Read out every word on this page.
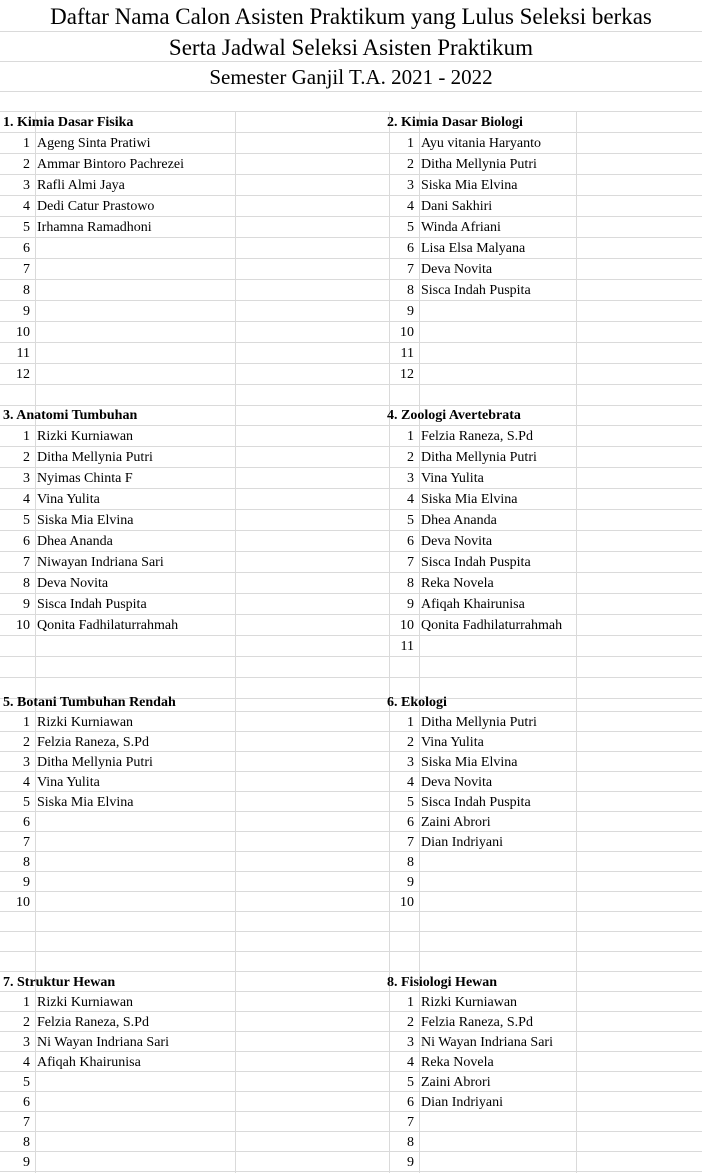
Daftar Nama Calon Asisten Praktikum yang Lulus Seleksi berkas
Serta Jadwal Seleksi Asisten Praktikum
Semester Ganjil T.A. 2021 - 2022
1. Kimia Dasar Fisika
1 Ageng Sinta Pratiwi
2 Ammar Bintoro Pachrezei
3 Rafli Almi Jaya
4 Dedi Catur Prastowo
5 Irhamna Ramadhoni
6
7
8
9
10
11
12
2. Kimia Dasar Biologi
1 Ayu vitania Haryanto
2 Ditha Mellynia Putri
3 Siska Mia Elvina
4 Dani Sakhiri
5 Winda Afriani
6 Lisa Elsa Malyana
7 Deva Novita
8 Sisca Indah Puspita
9
10
11
12
3. Anatomi Tumbuhan
1 Rizki Kurniawan
2 Ditha Mellynia Putri
3 Nyimas Chinta F
4 Vina Yulita
5 Siska Mia Elvina
6 Dhea Ananda
7 Niwayan Indriana Sari
8 Deva Novita
9 Sisca Indah Puspita
10 Qonita Fadhilaturrahmah
4. Zoologi Avertebrata
1 Felzia Raneza, S.Pd
2 Ditha Mellynia Putri
3 Vina Yulita
4 Siska Mia Elvina
5 Dhea Ananda
6 Deva Novita
7 Sisca Indah Puspita
8 Reka Novela
9 Afiqah Khairunisa
10 Qonita Fadhilaturrahmah
11
5. Botani Tumbuhan Rendah
1 Rizki Kurniawan
2 Felzia Raneza, S.Pd
3 Ditha Mellynia Putri
4 Vina Yulita
5 Siska Mia Elvina
6
7
8
9
10
6. Ekologi
1 Ditha Mellynia Putri
2 Vina Yulita
3 Siska Mia Elvina
4 Deva Novita
5 Sisca Indah Puspita
6 Zaini Abrori
7 Dian Indriyani
8
9
10
7. Struktur Hewan
1 Rizki Kurniawan
2 Felzia Raneza, S.Pd
3 Ni Wayan Indriana Sari
4 Afiqah Khairunisa
5
6
7
8
9
8. Fisiologi Hewan
1 Rizki Kurniawan
2 Felzia Raneza, S.Pd
3 Ni Wayan Indriana Sari
4 Reka Novela
5 Zaini Abrori
6 Dian Indriyani
7
8
9
